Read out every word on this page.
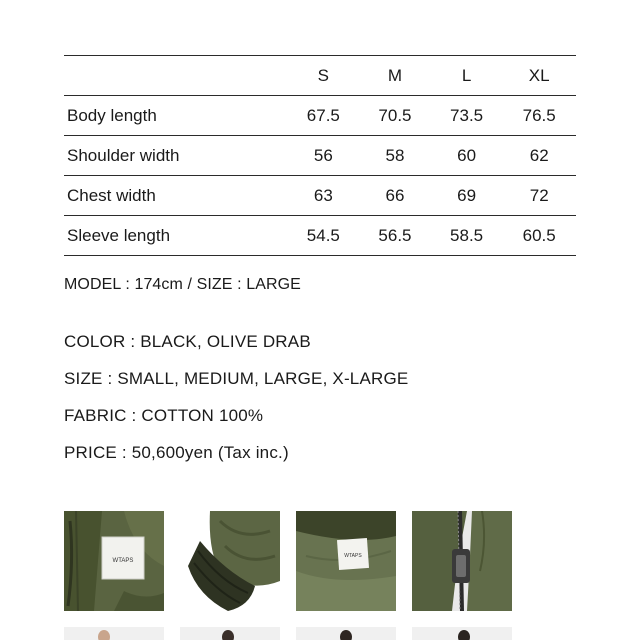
	S	M	L	XL
Body length	67.5	70.5	73.5	76.5
Shoulder width	56	58	60	62
Chest width	63	66	69	72
Sleeve length	54.5	56.5	58.5	60.5
MODEL : 174cm / SIZE : LARGE
COLOR : BLACK, OLIVE DRAB
SIZE : SMALL, MEDIUM, LARGE, X-LARGE
FABRIC : COTTON 100%
PRICE : 50,600yen (Tax inc.)
WTAPS
WTAPS
